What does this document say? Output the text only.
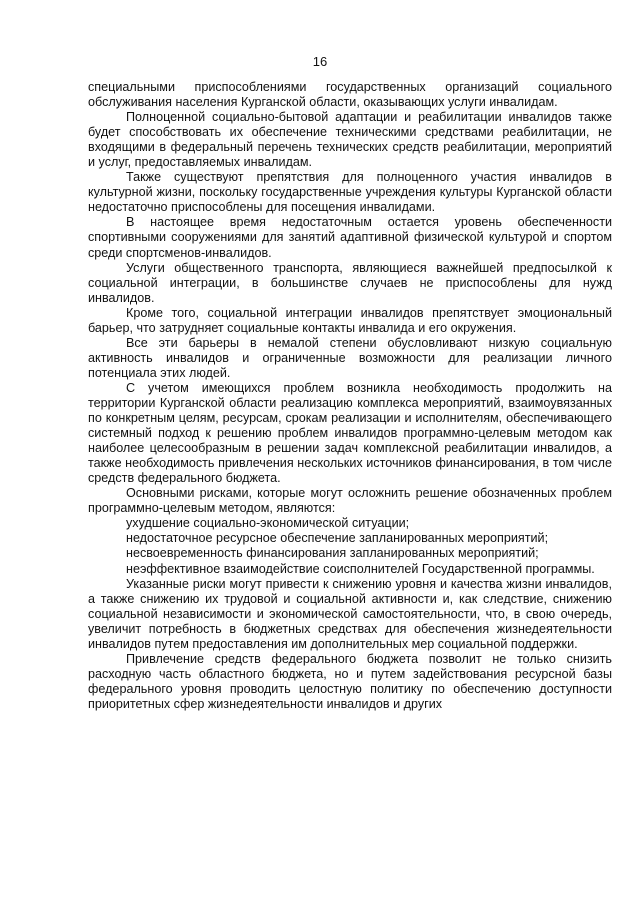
16

специальными приспособлениями государственных организаций социального обслуживания населения Курганской области, оказывающих услуги инвалидам.

Полноценной социально-бытовой адаптации и реабилитации инвалидов также будет способствовать их обеспечение техническими средствами реабилитации, не входящими в федеральный перечень технических средств реабилитации, мероприятий и услуг, предоставляемых инвалидам.

Также существуют препятствия для полноценного участия инвалидов в культурной жизни, поскольку государственные учреждения культуры Курганской области недостаточно приспособлены для посещения инвалидами.

В настоящее время недостаточным остается уровень обеспеченности спортивными сооружениями для занятий адаптивной физической культурой и спортом среди спортсменов-инвалидов.

Услуги общественного транспорта, являющиеся важнейшей предпосылкой к социальной интеграции, в большинстве случаев не приспособлены для нужд инвалидов.

Кроме того, социальной интеграции инвалидов препятствует эмоциональный барьер, что затрудняет социальные контакты инвалида и его окружения.

Все эти барьеры в немалой степени обусловливают низкую социальную активность инвалидов и ограниченные возможности для реализации личного потенциала этих людей.

С учетом имеющихся проблем возникла необходимость продолжить на территории Курганской области реализацию комплекса мероприятий, взаимоувязанных по конкретным целям, ресурсам, срокам реализации и исполнителям, обеспечивающего системный подход к решению проблем инвалидов программно-целевым методом как наиболее целесообразным в решении задач комплексной реабилитации инвалидов, а также необходимость привлечения нескольких источников финансирования, в том числе средств федерального бюджета.

Основными рисками, которые могут осложнить решение обозначенных проблем программно-целевым методом, являются:

ухудшение социально-экономической ситуации;

недостаточное ресурсное обеспечение запланированных мероприятий;

несвоевременность финансирования запланированных мероприятий;

неэффективное взаимодействие соисполнителей Государственной программы.

Указанные риски могут привести к снижению уровня и качества жизни инвалидов, а также снижению их трудовой и социальной активности и, как следствие, снижению социальной независимости и экономической самостоятельности, что, в свою очередь, увеличит потребность в бюджетных средствах для обеспечения жизнедеятельности инвалидов путем предоставления им дополнительных мер социальной поддержки.

Привлечение средств федерального бюджета позволит не только снизить расходную часть областного бюджета, но и путем задействования ресурсной базы федерального уровня проводить целостную политику по обеспечению доступности приоритетных сфер жизнедеятельности инвалидов и других
